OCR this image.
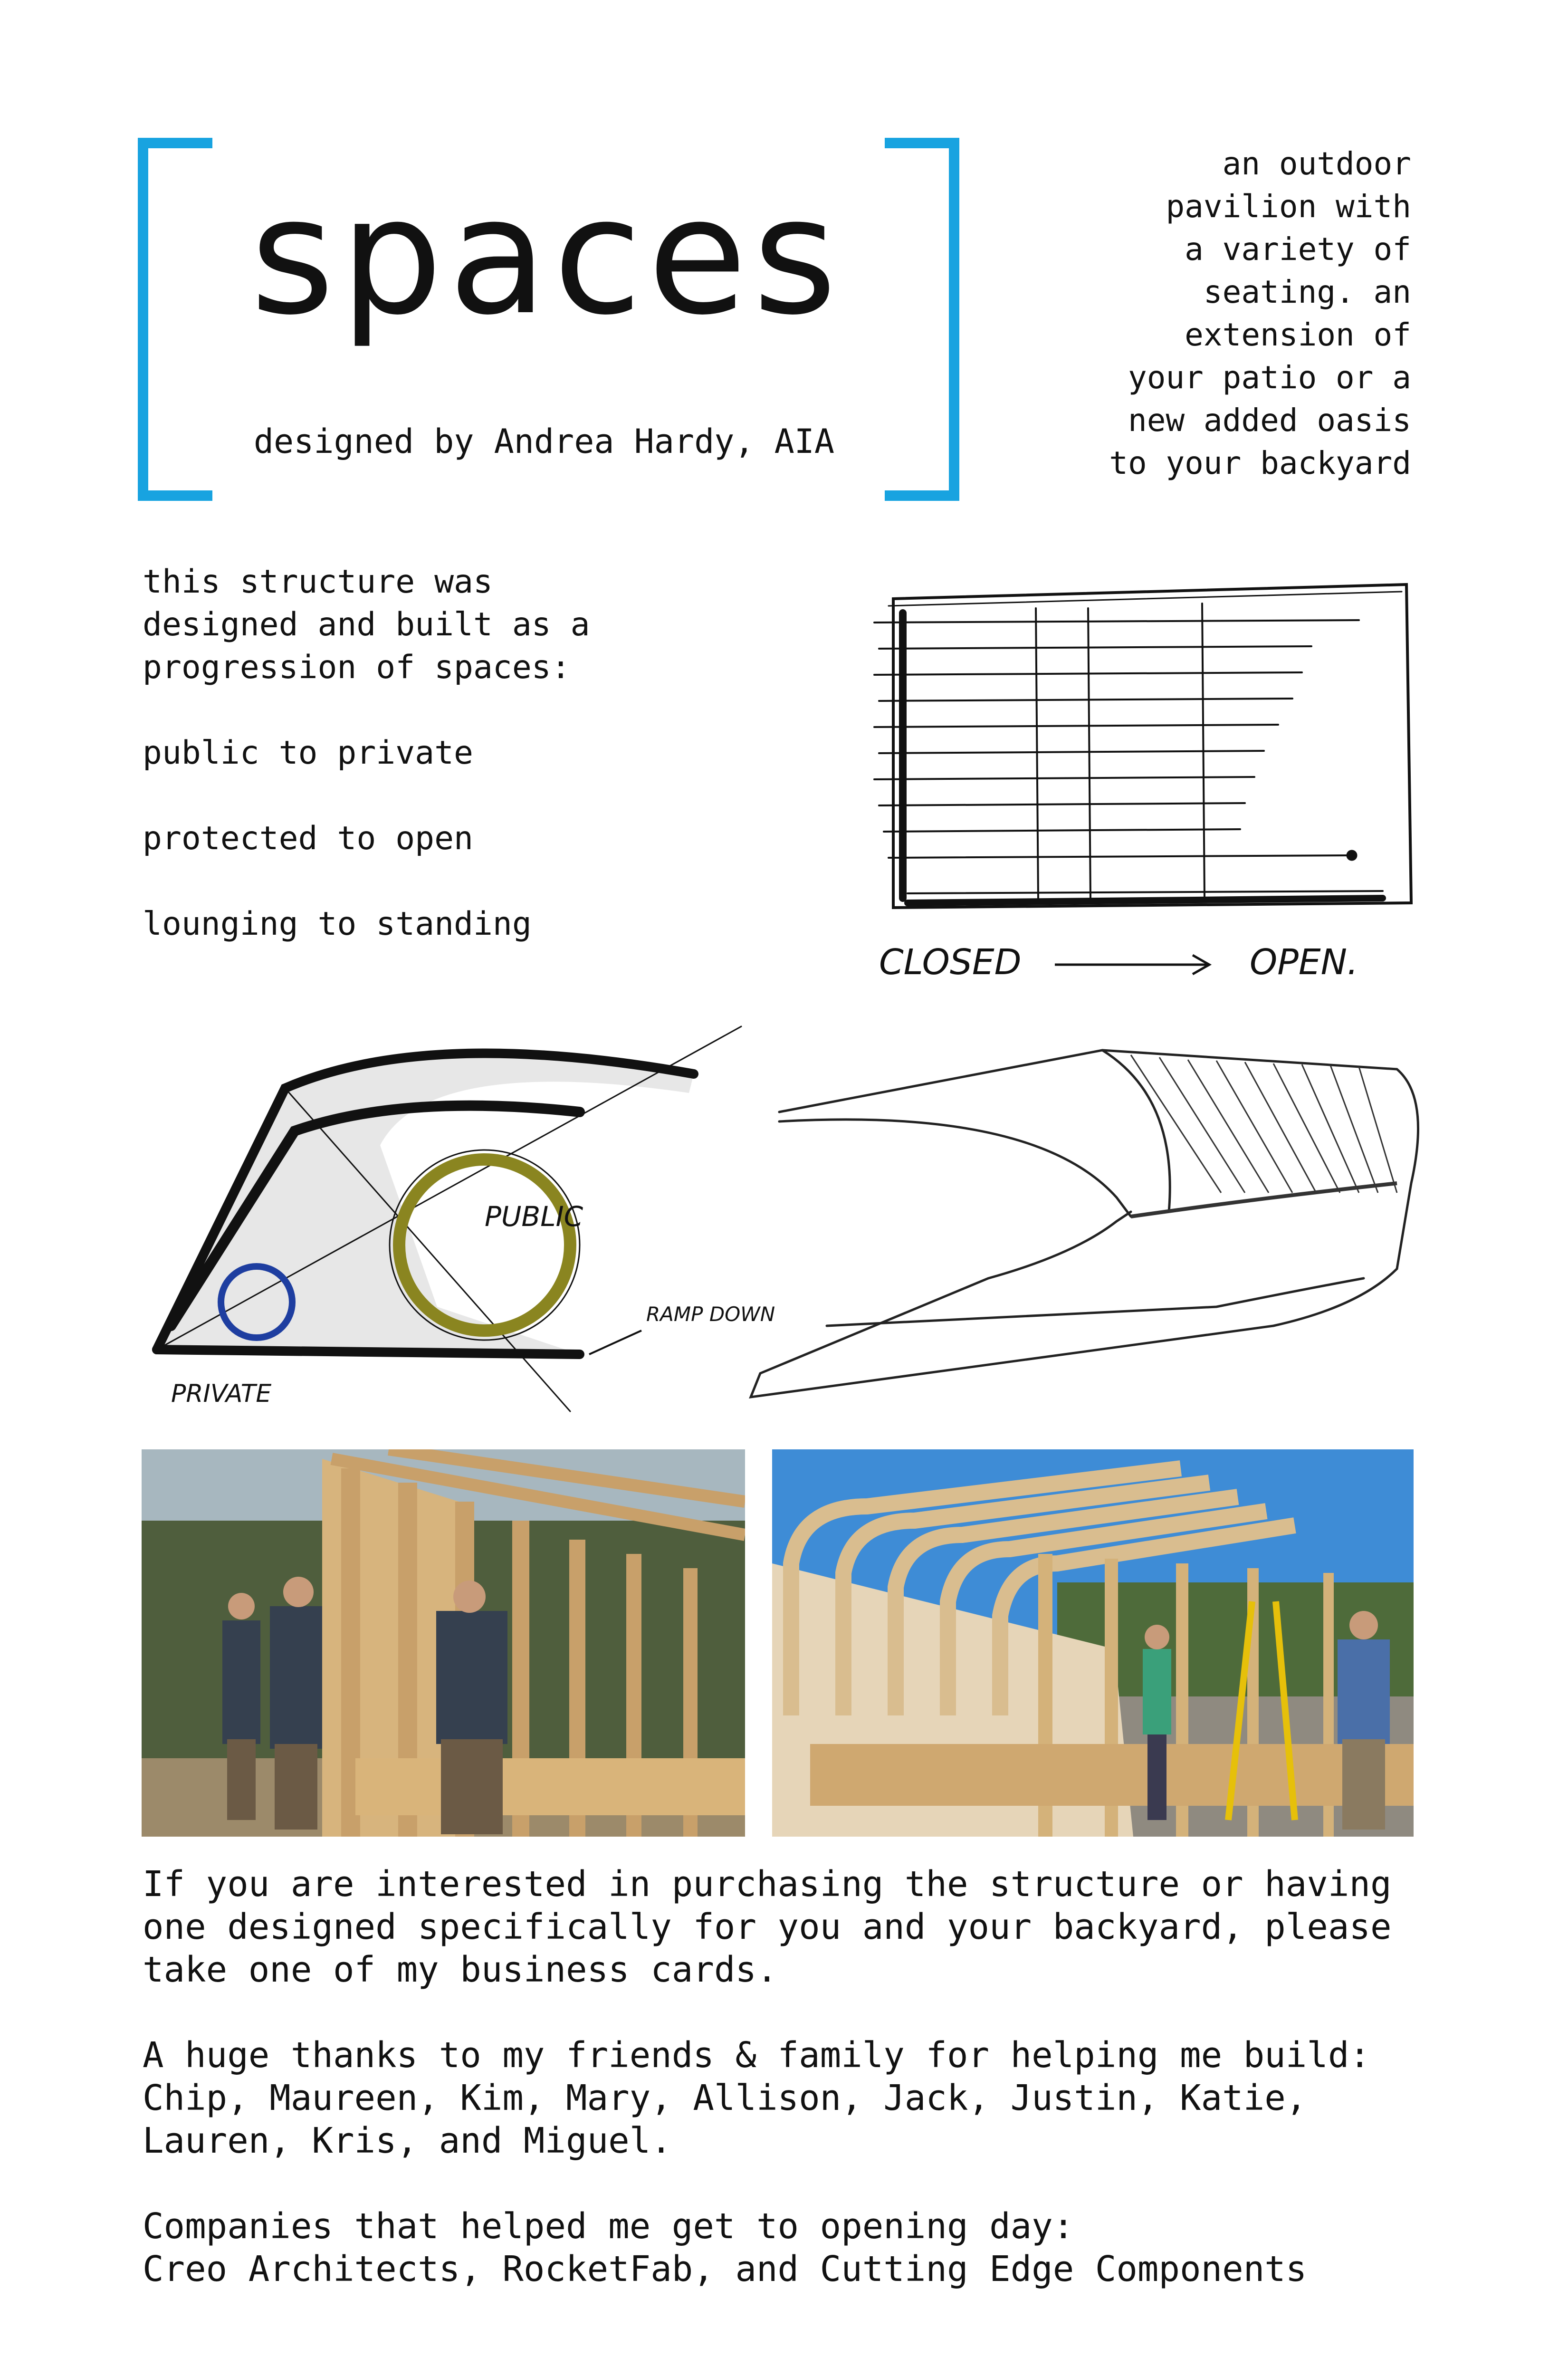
spaces
designed by Andrea Hardy, AIA
an outdoor
pavilion with
a variety of
seating. an
extension of
your patio or a
new added oasis
to your backyard

this structure was designed and built as a progression of spaces:

public to private

protected to open

lounging to standing

CLOSED	OPEN.
PUBLIC
PRIVATE
RAMP DOWN

If you are interested in purchasing the structure or having
one designed specifically for you and your backyard, please
take one of my business cards.

A huge thanks to my friends & family for helping me build:
Chip, Maureen, Kim, Mary, Allison, Jack, Justin, Katie,
Lauren, Kris, and Miguel.

Companies that helped me get to opening day:
Creo Architects, RocketFab, and Cutting Edge Components
